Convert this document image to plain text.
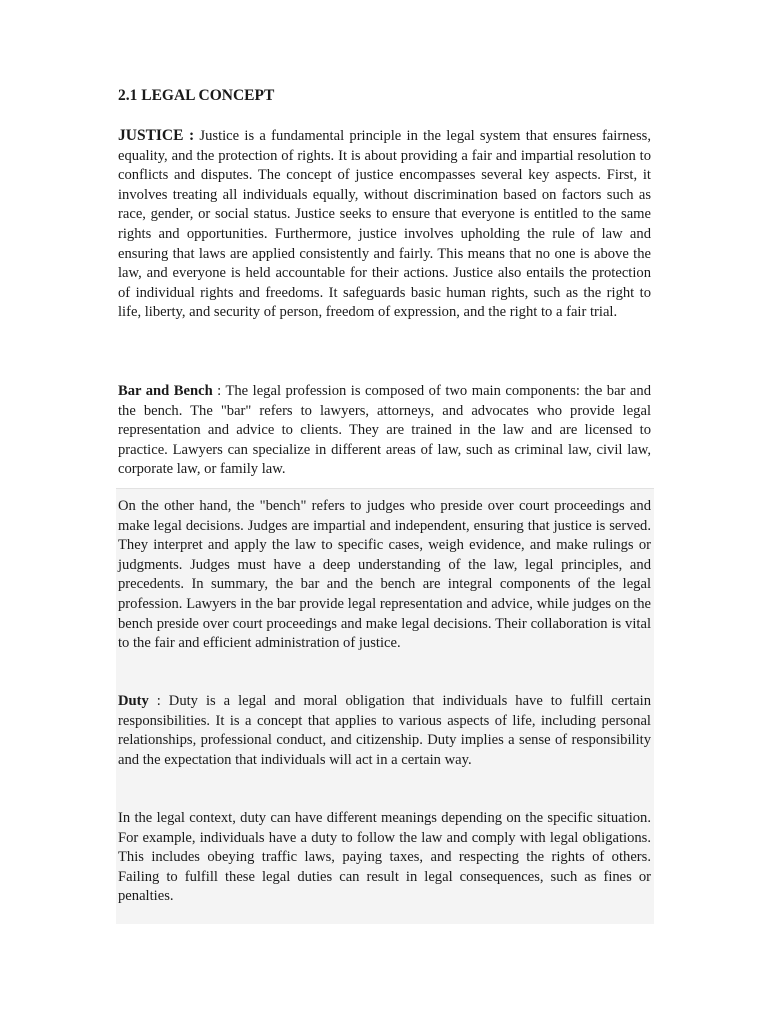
2.1 LEGAL CONCEPT

JUSTICE : Justice is a fundamental principle in the legal system that ensures fairness, equality, and the protection of rights. It is about providing a fair and impartial resolution to conflicts and disputes. The concept of justice encompasses several key aspects. First, it involves treating all individuals equally, without discrimination based on factors such as race, gender, or social status. Justice seeks to ensure that everyone is entitled to the same rights and opportunities. Furthermore, justice involves upholding the rule of law and ensuring that laws are applied consistently and fairly. This means that no one is above the law, and everyone is held accountable for their actions. Justice also entails the protection of individual rights and freedoms. It safeguards basic human rights, such as the right to life, liberty, and security of person, freedom of expression, and the right to a fair trial.

Bar and Bench : The legal profession is composed of two main components: the bar and the bench. The "bar" refers to lawyers, attorneys, and advocates who provide legal representation and advice to clients. They are trained in the law and are licensed to practice. Lawyers can specialize in different areas of law, such as criminal law, civil law, corporate law, or family law.

On the other hand, the "bench" refers to judges who preside over court proceedings and make legal decisions. Judges are impartial and independent, ensuring that justice is served. They interpret and apply the law to specific cases, weigh evidence, and make rulings or judgments. Judges must have a deep understanding of the law, legal principles, and precedents. In summary, the bar and the bench are integral components of the legal profession. Lawyers in the bar provide legal representation and advice, while judges on the bench preside over court proceedings and make legal decisions. Their collaboration is vital to the fair and efficient administration of justice.

Duty : Duty is a legal and moral obligation that individuals have to fulfill certain responsibilities. It is a concept that applies to various aspects of life, including personal relationships, professional conduct, and citizenship. Duty implies a sense of responsibility and the expectation that individuals will act in a certain way.

In the legal context, duty can have different meanings depending on the specific situation. For example, individuals have a duty to follow the law and comply with legal obligations. This includes obeying traffic laws, paying taxes, and respecting the rights of others. Failing to fulfill these legal duties can result in legal consequences, such as fines or penalties.
